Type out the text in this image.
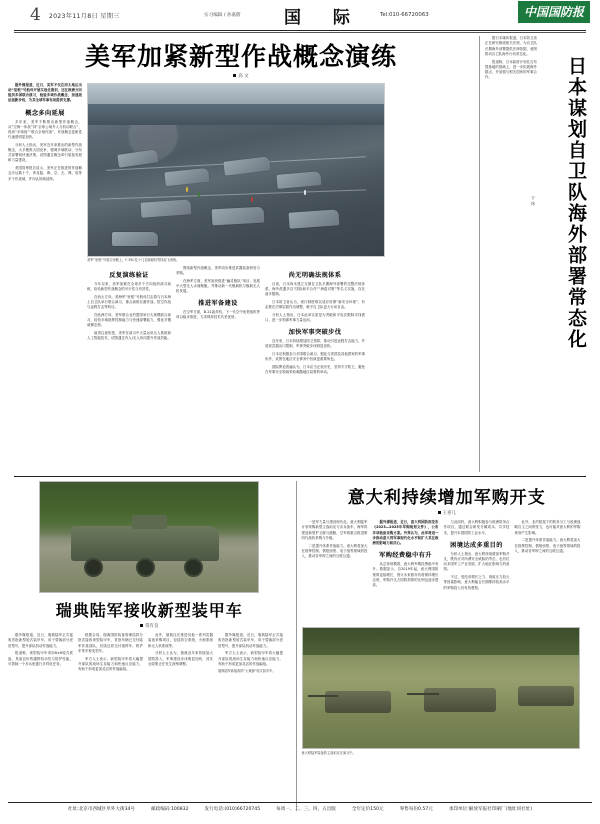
4 2023年11月8日 星期三	实习编辑 / 孙嘉蔚	国 际	Tel:010-66720063	中国国防报
美军加紧新型作战概念演练
高 文

据外媒报道，近日，美军不仅在西太地区出动“里根”号航母开展实战化演训，还在欧洲方向组织多国联合演习，检验多域作战概念，加速战法创新步伐，为其全球军事布局提供支撑。

概念多向延展

多年来，美军不断推出新型作战概念，从“空海一体战”到“全球公域介入与机动联合”，再到“多域战”“联合全域作战”，作战概念更新迭代速度明显加快。

分析人士指出，美军近年来推出的新型作战概念，大多聚焦大国竞争，强调多域联动、分布式部署和快速决策，试图通过概念牵引装备发展和力量建设。

美国智库报告显示，美军正在推进的作战概念多达数十个，涉及陆、海、空、天、网、电等多个作战域，并向认知域延伸。

美军“里根”号航空母舰上，F-35C及十几名舰载机等待起飞训练。
反复演练验证

今年以来，美军加紧在全球多个方向组织演习演练，检验新型作战概念的可行性与有效性。

在西太方向，美海军“里根”号航母打击群与日本海上自卫队举行联合演习，重点演练反潜作战、防空作战与远程打击等科目。

在欧洲方向，美军联合北约盟国举行大规模联合演习，检验多域指挥控制能力与快速部署能力，强化对俄威慑态势。

值得注意的是，美军在演习中大量运用无人系统和人工智能技术，试图通过有人/无人协同提升作战效能。

围绕新型作战概念，美军同步推进武器装备研发与采购。

在海军方面，美军加快推进“幽灵舰队”项目，发展中大型无人水面舰艇，并推动新一代舰载机与舰载无人机发展。

推进军备建设

在空军方面，B-21轰炸机、下一代空中优势战机等项目稳步推进，力求保持技术代差优势。

尚无明确法规体系

目前，日本尚未建立支撑自卫队长期海外部署的完整法规体系，海外派遣多以“国际和平合作”“海盗对策”等名义实施，存在诸多限制。

日本防卫省认为，现行制度难以适应所谓“新安全环境”，有必要在法律层面作出调整，赋予自卫队更大行动自由。

分析人士指出，日本此举实质是为突破和平宪法限制寻找借口，进一步松绑军事力量运用。

加快军事突破步伐

近年来，日本持续增加防卫预算，推动引进远程打击能力，并放宽武器出口限制，军事突破步伐明显加快。

日本还积极参与多国联合演习，强化与美国及其他国家的军事协作，试图在地区安全事务中扮演更重要角色。

国际舆论普遍认为，日本应当正视历史，坚持专守防卫，避免在军事安全领域采取刺激地区局势的举动。

据日本媒体报道，日本防卫省正在研究修改相关法规，为自卫队长期海外部署提供法律依据，意图推动自卫队海外行动常态化。

报道称，日本政府计划在吉布提基地的基础上，进一步拓展海外据点，并加强与相关国家的军事合作。	日本谋划自卫队海外部署常态化
于 冰
瑞典陆军接收新型装甲车
常有良

据外媒报道，近日，瑞典陆军正式接收首批新型轮式装甲车，用于替换部分老旧型号，提升部队机动作战能力。

报道称，该型装甲车采用6×6轮式底盘，具备良好的越野机动性与防护性能，可搭载一个步兵班遂行多样化任务。

根据合同，瑞典国防装备管理局将分批次接收该型装甲车，首批车辆已交付陆军作战部队，后续还将交付指挥车、救护车等多种变型车。

军方人士表示，新型装甲车将大幅提升部队的战场生存能力和快速反应能力，有助于形成更加灵活的作战编组。

此外，瑞典还在推进其他一系列武器装备采购项目，包括防空系统、火炮系统和无人机系统等。

分析人士认为，瑞典近年来持续加大国防投入，军事建设步伐明显加快，其安全政策正在发生深刻调整。

据外媒报道，近日，瑞典陆军正式接收首批新型轮式装甲车，用于替换部分老旧型号，提升部队机动作战能力。

军方人士表示，新型装甲车将大幅提升部队的战场生存能力和快速反应能力，有助于形成更加灵活的作战编组。

瑞典陆军新接收的“大黄蜂”轮式装甲车。
意大利持续增加军购开支
王喜儿

一是军力量与建设现代化。意大利陆军计划采购新型主战坦克与步兵战车，海军将建造新型护卫舰与潜艇，空军则重点推进第四代战机采购与升级。

二是提升体系作战能力。意大利将加大在指挥控制、情报侦察、电子战等领域的投入，推动各军种之间的互联互通。

据外媒报道，近日，意大利国防部发布《2023—2025年军购规划文件》，公布多项装备采购方案。外界认为，此举将进一步推动意大利军事现代化水平和扩大其在欧洲的影响力和决心。

军购经费稳中有升

从总体规模看，意大利军购经费稳中有升。数据显示，自2019年起，意大利国防预算连续增长，预计未来数年仍将保持增长态势，军购开支占国防预算的比例也逐步提高。

与此同时，意大利积极参与欧洲防务合作项目，通过联合研发分摊成本、共享技术，提升本国国防工业水平。

困境达成多重目的

分析人士指出，意大利持续增加军购开支，既有应对所谓安全威胁的考虑，也有拉动本国军工产业发展、扩大地区影响力的意图。

不过，受经济增长乏力、财政压力较大等因素影响，意大利能否长期维持较高水平的军购投入仍有待观察。

此外，北约框架下的防务分工与欧洲战略自主之间的张力，也可能对意大利的军购规划产生影响。

二是提升体系作战能力。意大利将加大在指挥控制、情报侦察、电子战等领域的投入，推动各军种之间的互联互通。

意大利陆军装备的主战坦克在演习中。
社址:北京市西城区阜外大街34号	邮政编码:100832	发行电话:(010)66720745	每周一、二、三、四、五出版	全年定价150元	零售每份0.57元	承印单位:解放军报社印刷厂(地址同社址)
